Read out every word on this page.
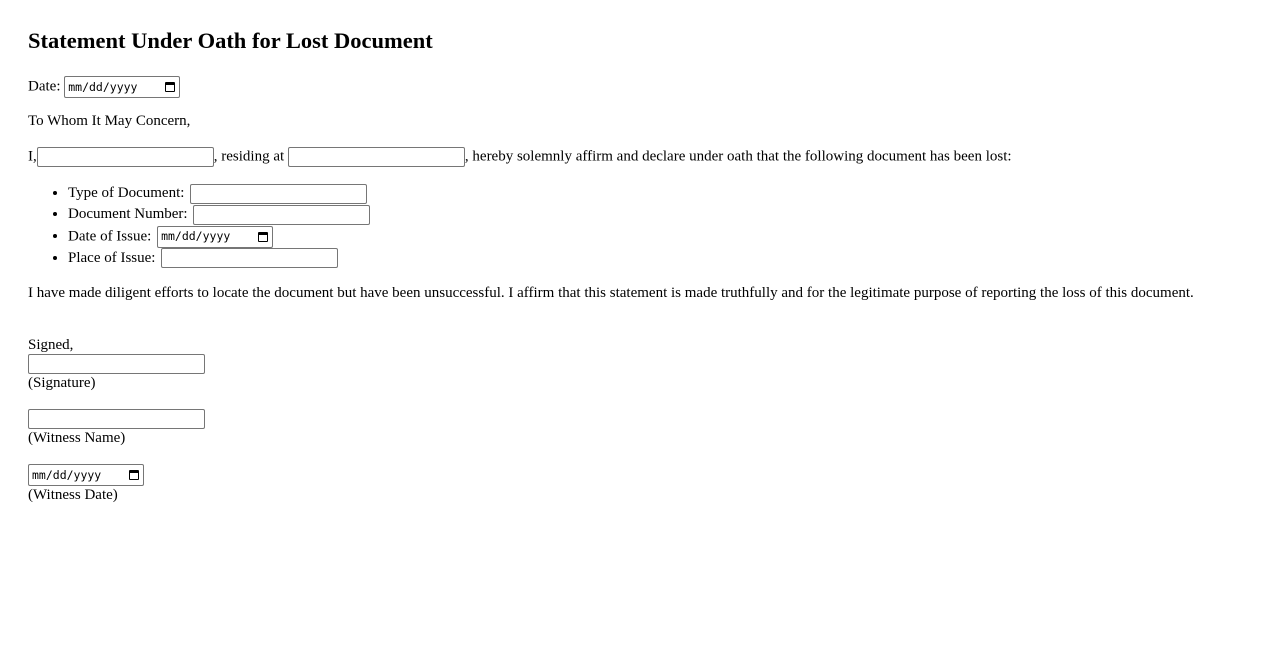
Statement Under Oath for Lost Document
Date: mm/dd/yyyy
To Whom It May Concern,
I,	, residing at	, hereby solemnly affirm and declare under oath that the following document has been lost:
• Type of Document:
• Document Number:
• Date of Issue: mm/dd/yyyy
• Place of Issue:
I have made diligent efforts to locate the document but have been unsuccessful. I affirm that this statement is made truthfully and for the legitimate purpose of reporting the loss of this document.
Signed,
(Signature)
(Witness Name)
mm/dd/yyyy
(Witness Date)
